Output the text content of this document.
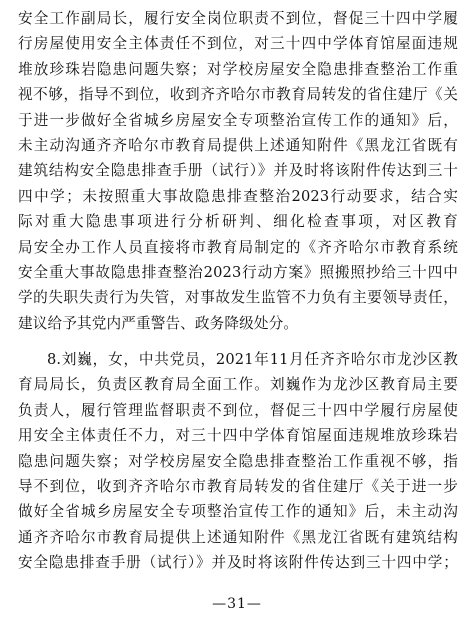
安全工作副局长，履行安全岗位职责不到位，督促三十四中学履
行房屋使用安全主体责任不到位，对三十四中学体育馆屋面违规
堆放珍珠岩隐患问题失察；对学校房屋安全隐患排查整治工作重
视不够，指导不到位，收到齐齐哈尔市教育局转发的省住建厅《关
于进一步做好全省城乡房屋安全专项整治宣传工作的通知》后，
未主动沟通齐齐哈尔市教育局提供上述通知附件《黑龙江省既有
建筑结构安全隐患排查手册（试行）》并及时将该附件传达到三十
四中学；未按照重大事故隐患排查整治2023行动要求，结合实
际对重大隐患事项进行分析研判、细化检查事项，对区教育
局安全办工作人员直接将市教育局制定的《齐齐哈尔市教育系统
安全重大事故隐患排查整治2023行动方案》照搬照抄给三十四中
学的失职失责行为失管，对事故发生监管不力负有主要领导责任，
建议给予其党内严重警告、政务降级处分。
8.刘巍，女，中共党员，2021年11月任齐齐哈尔市龙沙区教
育局局长，负责区教育局全面工作。刘巍作为龙沙区教育局主要
负责人，履行管理监督职责不到位，督促三十四中学履行房屋使
用安全主体责任不力，对三十四中学体育馆屋面违规堆放珍珠岩
隐患问题失察；对学校房屋安全隐患排查整治工作重视不够，指
导不到位，收到齐齐哈尔市教育局转发的省住建厅《关于进一步
做好全省城乡房屋安全专项整治宣传工作的通知》后，未主动沟
通齐齐哈尔市教育局提供上述通知附件《黑龙江省既有建筑结构
安全隐患排查手册（试行）》并及时将该附件传达到三十四中学；
—31—
